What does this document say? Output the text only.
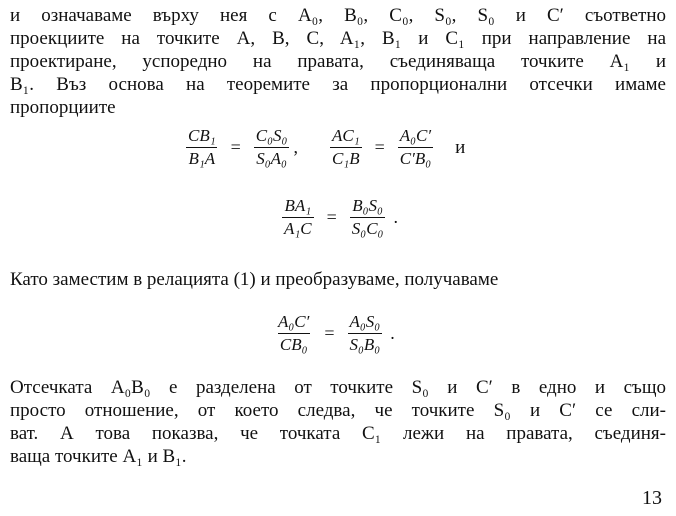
и означаваме върху нея с A₀, B₀, C₀, S₀, S₀ и C′ съответно
проекциите на точките A, B, C, A₁, B₁ и C₁ при направление на
проектиране, успоредно на правата, съединяваща точките A₁ и
B₁. Въз основа на теоремите за пропорционални отсечки имаме
пропорциите
$\frac{\text{CB₁}}{\text{B₁A}} = \frac{\text{C₀S₀}}{\text{S₀A₀}}$ , $\frac{\text{AC₁}}{\text{C₁B}} = \frac{\text{A₀C′}}{\text{C′B₀}}$ и
$\frac{\text{BA₁}}{\text{A₁C}} = \frac{\text{B₀S₀}}{\text{S₀C₀}}$ .
Като заместим в релацията (1) и преобразуваме, получаваме
$\frac{\text{A₀C′}}{\text{CB₀}} = \frac{\text{A₀S₀}}{\text{S₀B₀}}$ .
Отсечката A₀B₀ е разделена от точките S₀ и C′ в едно и също
просто отношение, от което следва, че точките S₀ и C′ се сли-
ват. А това показва, че точката C₁ лежи на правата, съединя-
ваща точките A₁ и B₁.
13
